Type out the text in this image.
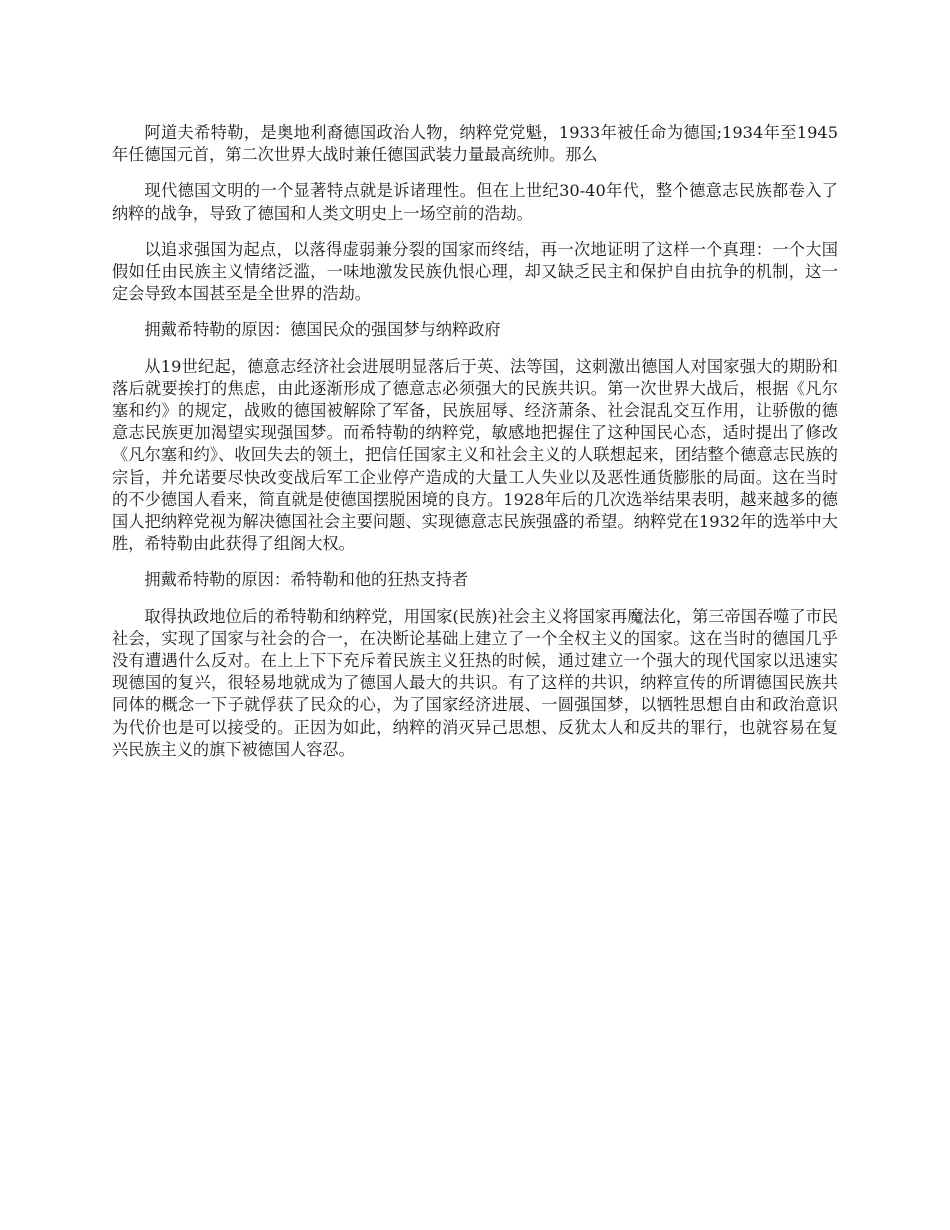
阿道夫希特勒，是奥地利裔德国政治人物，纳粹党党魁，1933年被任命为德国;1934年至1945年任德国元首，第二次世界大战时兼任德国武装力量最高统帅。那么

现代德国文明的一个显著特点就是诉诸理性。但在上世纪30-40年代，整个德意志民族都卷入了纳粹的战争，导致了德国和人类文明史上一场空前的浩劫。

以追求强国为起点，以落得虚弱兼分裂的国家而终结，再一次地证明了这样一个真理：一个大国假如任由民族主义情绪泛滥，一味地激发民族仇恨心理，却又缺乏民主和保护自由抗争的机制，这一定会导致本国甚至是全世界的浩劫。

拥戴希特勒的原因：德国民众的强国梦与纳粹政府

从19世纪起，德意志经济社会进展明显落后于英、法等国，这刺激出德国人对国家强大的期盼和落后就要挨打的焦虑，由此逐渐形成了德意志必须强大的民族共识。第一次世界大战后，根据《凡尔塞和约》的规定，战败的德国被解除了军备，民族屈辱、经济萧条、社会混乱交互作用，让骄傲的德意志民族更加渴望实现强国梦。而希特勒的纳粹党，敏感地把握住了这种国民心态，适时提出了修改《凡尔塞和约》、收回失去的领土，把信任国家主义和社会主义的人联想起来，团结整个德意志民族的宗旨，并允诺要尽快改变战后军工企业停产造成的大量工人失业以及恶性通货膨胀的局面。这在当时的不少德国人看来，简直就是使德国摆脱困境的良方。1928年后的几次选举结果表明，越来越多的德国人把纳粹党视为解决德国社会主要问题、实现德意志民族强盛的希望。纳粹党在1932年的选举中大胜，希特勒由此获得了组阁大权。

拥戴希特勒的原因：希特勒和他的狂热支持者

取得执政地位后的希特勒和纳粹党，用国家(民族)社会主义将国家再魔法化，第三帝国吞噬了市民社会，实现了国家与社会的合一，在决断论基础上建立了一个全权主义的国家。这在当时的德国几乎没有遭遇什么反对。在上上下下充斥着民族主义狂热的时候，通过建立一个强大的现代国家以迅速实现德国的复兴，很轻易地就成为了德国人最大的共识。有了这样的共识，纳粹宣传的所谓德国民族共同体的概念一下子就俘获了民众的心，为了国家经济进展、一圆强国梦，以牺牲思想自由和政治意识为代价也是可以接受的。正因为如此，纳粹的消灭异己思想、反犹太人和反共的罪行，也就容易在复兴民族主义的旗下被德国人容忍。
